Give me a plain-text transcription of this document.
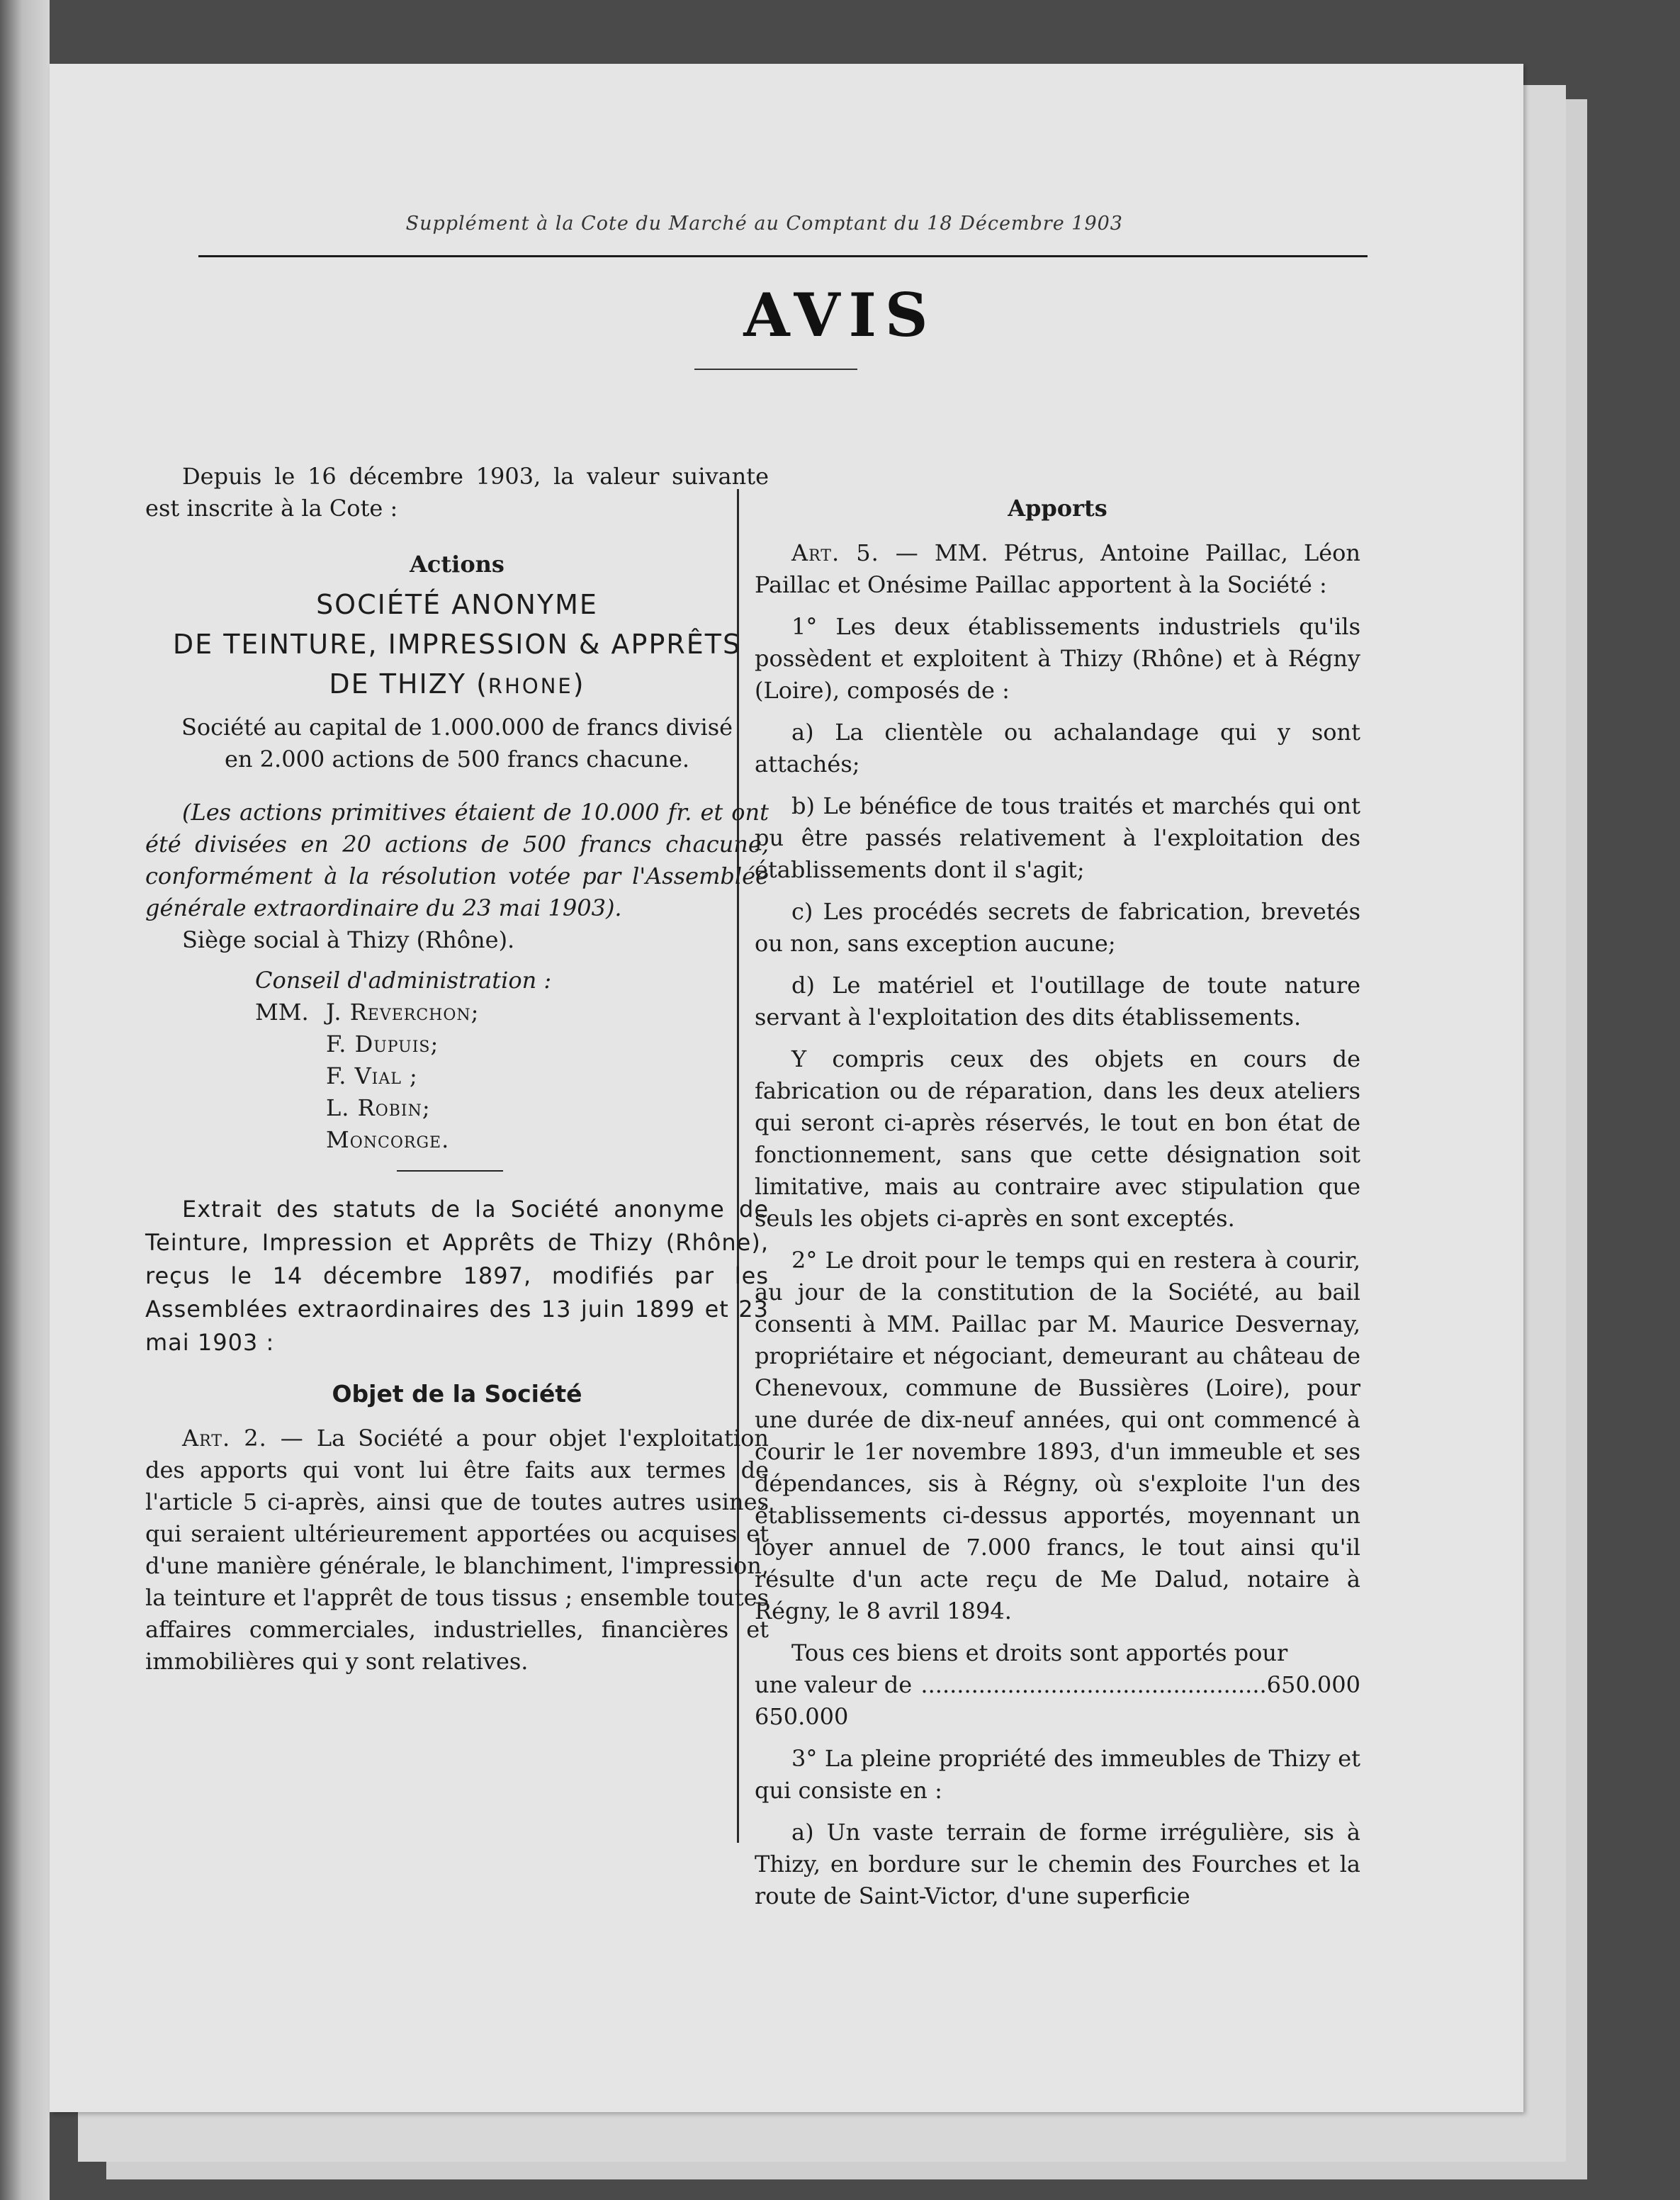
Supplément à la Cote du Marché au Comptant du 18 Décembre 1903
AVIS

Depuis le 16 décembre 1903, la valeur suivante est inscrite à la Cote :

Actions
SOCIÉTÉ ANONYME
DE TEINTURE, IMPRESSION & APPRÊTS
DE THIZY (RHONE)

Société au capital de 1.000.000 de francs divisé en 2.000 actions de 500 francs chacune.

(Les actions primitives étaient de 10.000 fr. et ont été divisées en 20 actions de 500 francs chacune, conformément à la résolution votée par l'Assemblée générale extraordinaire du 23 mai 1903).

Siège social à Thizy (Rhône).

Conseil d'administration :

MM. J. Reverchon;
F. Dupuis;
F. Vial ;
L. Robin;
Moncorge.

Extrait des statuts de la Société anonyme de Teinture, Impression et Apprêts de Thizy (Rhône), reçus le 14 décembre 1897, modifiés par les Assemblées extraordinaires des 13 juin 1899 et 23 mai 1903 :

Objet de la Société

Art. 2. — La Société a pour objet l'exploitation des apports qui vont lui être faits aux termes de l'article 5 ci-après, ainsi que de toutes autres usines qui seraient ultérieurement apportées ou acquises et d'une manière générale, le blanchiment, l'impression, la teinture et l'apprêt de tous tissus ; ensemble toutes affaires commerciales, industrielles, financières et immobilières qui y sont relatives.

Apports

Art. 5. — MM. Pétrus, Antoine Paillac, Léon Paillac et Onésime Paillac apportent à la Société :

1° Les deux établissements industriels qu'ils possèdent et exploitent à Thizy (Rhône) et à Régny (Loire), composés de :

a) La clientèle ou achalandage qui y sont attachés;

b) Le bénéfice de tous traités et marchés qui ont pu être passés relativement à l'exploitation des établissements dont il s'agit;

c) Les procédés secrets de fabrication, brevetés ou non, sans exception aucune;

d) Le matériel et l'outillage de toute nature servant à l'exploitation des dits établissements.

Y compris ceux des objets en cours de fabrication ou de réparation, dans les deux ateliers qui seront ci-après réservés, le tout en bon état de fonctionnement, sans que cette désignation soit limitative, mais au contraire avec stipulation que seuls les objets ci-après en sont exceptés.

2° Le droit pour le temps qui en restera à courir, au jour de la constitution de la Société, au bail consenti à MM. Paillac par M. Maurice Desvernay, propriétaire et négociant, demeurant au château de Chenevoux, commune de Bussières (Loire), pour une durée de dix-neuf années, qui ont commencé à courir le 1er novembre 1893, d'un immeuble et ses dépendances, sis à Régny, où s'exploite l'un des établissements ci-dessus apportés, moyennant un loyer annuel de 7.000 francs, le tout ainsi qu'il résulte d'un acte reçu de Me Dalud, notaire à Régny, le 8 avril 1894.

Tous ces biens et droits sont apportés pour

une valeur de 650.000
................................................ 650.000

3° La pleine propriété des immeubles de Thizy et qui consiste en :

a) Un vaste terrain de forme irrégulière, sis à Thizy, en bordure sur le chemin des Fourches et la route de Saint-Victor, d'une superficie
